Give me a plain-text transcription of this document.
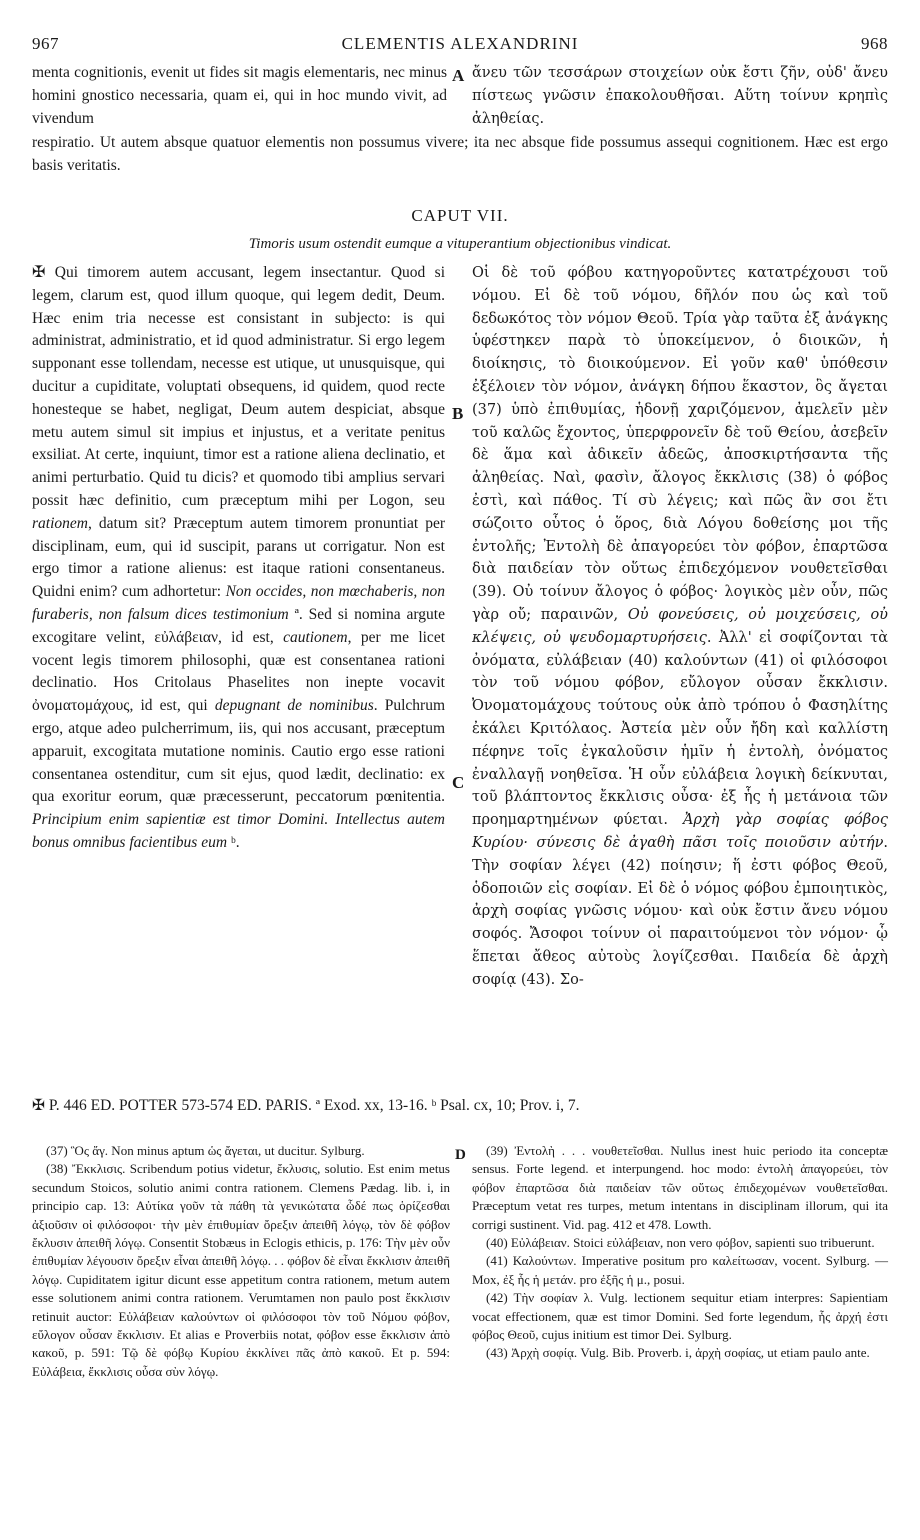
967	CLEMENTIS ALEXANDRINI	968

menta cognitionis, evenit ut fides sit magis elementaris, nec minus homini gnostico necessaria, quam ei, qui in hoc mundo vivit, ad vivendum

A ἄνευ τῶν τεσσάρων στοιχείων οὐκ ἔστι ζῆν, οὐδ' ἄνευ πίστεως γνῶσιν ἐπακολουθῆσαι. Αὕτη τοίνυν κρηπὶς ἀληθείας.

respiratio. Ut autem absque quatuor elementis non possumus vivere; ita nec absque fide possumus assequi cognitionem. Hæc est ergo basis veritatis.

CAPUT VII.
Timoris usum ostendit eumque a vituperantium objectionibus vindicat.

✠ Qui timorem autem accusant, legem insectantur. Quod si legem, clarum est, quod illum quoque, qui legem dedit, Deum. Hæc enim tria necesse est consistant in subjecto: is qui administrat, administratio, et id quod administratur. Si ergo legem supponant esse tollendam, necesse est utique, ut unusquisque, qui ducitur a cupiditate, voluptati obsequens, id quidem, quod recte honesteque se habet, negligat, Deum autem despiciat, absque metu autem simul sit impius et injustus, et a veritate penitus exsiliat. At certe, inquiunt, timor est a ratione aliena declinatio, et animi perturbatio. Quid tu dicis? et quomodo tibi amplius servari possit hæc definitio, cum præceptum mihi per Logon, seu rationem, datum sit? Præceptum autem timorem pronuntiat per disciplinam, eum, qui id suscipit, parans ut corrigatur. Non est ergo timor a ratione alienus: est itaque rationi consentaneus. Quidni enim? cum adhortetur: Non occides, non mœchaberis, non furaberis, non falsum dices testimonium ª. Sed si nomina argute excogitare velint, εὐλάβειαν, id est, cautionem, per me licet vocent legis timorem philosophi, quæ est consentanea rationi declinatio. Hos Critolaus Phaselites non inepte vocavit ὀνοματομάχους, id est, qui depugnant de nominibus. Pulchrum ergo, atque adeo pulcherrimum, iis, qui nos accusant, præceptum apparuit, excogitata mutatione nominis. Cautio ergo esse rationi consentanea ostenditur, cum sit ejus, quod lædit, declinatio: ex qua exoritur eorum, quæ præcesserunt, peccatorum pœnitentia. Principium enim sapientiæ est timor Domini. Intellectus autem bonus omnibus facientibus eum ᵇ.

B
C

Οἱ δὲ τοῦ φόβου κατηγοροῦντες κατατρέχουσι τοῦ νόμου. Εἰ δὲ τοῦ νόμου, δῆλόν που ὡς καὶ τοῦ δεδωκότος τὸν νόμον Θεοῦ. Τρία γὰρ ταῦτα ἐξ ἀνάγκης ὑφέστηκεν παρὰ τὸ ὑποκείμενον, ὁ διοικῶν, ἡ διοίκησις, τὸ διοικούμενον. Εἰ γοῦν καθ' ὑπόθεσιν ἐξέλοιεν τὸν νόμον, ἀνάγκη δήπου ἕκαστον, ὃς ἄγεται (37) ὑπὸ ἐπιθυμίας, ἡδονῇ χαριζόμενον, ἀμελεῖν μὲν τοῦ καλῶς ἔχοντος, ὑπερφρονεῖν δὲ τοῦ Θείου, ἀσεβεῖν δὲ ἅμα καὶ ἀδικεῖν ἀδεῶς, ἀποσκιρτήσαντα τῆς ἀληθείας. Ναὶ, φασὶν, ἄλογος ἔκκλισις (38) ὁ φόβος ἐστὶ, καὶ πάθος. Τί σὺ λέγεις; καὶ πῶς ἂν σοι ἔτι σώζοιτο οὗτος ὁ ὅρος, διὰ Λόγου δοθείσης μοι τῆς ἐντολῆς; Ἐντολὴ δὲ ἀπαγορεύει τὸν φόβον, ἐπαρτῶσα διὰ παιδείαν τὸν οὕτως ἐπιδεχόμενον νουθετεῖσθαι (39). Οὐ τοίνυν ἄλογος ὁ φόβος· λογικὸς μὲν οὖν, πῶς γὰρ οὔ; παραινῶν, Οὐ φονεύσεις, οὐ μοιχεύσεις, οὐ κλέψεις, οὐ ψευδομαρτυρήσεις. Ἀλλ' εἰ σοφίζονται τὰ ὀνόματα, εὐλάβειαν (40) καλούντων (41) οἱ φιλόσοφοι τὸν τοῦ νόμου φόβον, εὔλογον οὖσαν ἔκκλισιν. Ὀνοματομάχους τούτους οὐκ ἀπὸ τρόπου ὁ Φασηλίτης ἐκάλει Κριτόλαος. Ἀστεία μὲν οὖν ἤδη καὶ καλλίστη πέφηνε τοῖς ἐγκαλοῦσιν ἡμῖν ἡ ἐντολὴ, ὀνόματος ἐναλλαγῇ νοηθεῖσα. Ἡ οὖν εὐλάβεια λογικὴ δείκνυται, τοῦ βλάπτοντος ἔκκλισις οὖσα· ἐξ ἧς ἡ μετάνοια τῶν προημαρτημένων φύεται. Ἀρχὴ γὰρ σοφίας φόβος Κυρίου· σύνεσις δὲ ἀγαθὴ πᾶσι τοῖς ποιοῦσιν αὐτήν. Τὴν σοφίαν λέγει (42) ποίησιν; ἥ ἐστι φόβος Θεοῦ, ὁδοποιῶν εἰς σοφίαν. Εἰ δὲ ὁ νόμος φόβου ἐμποιητικὸς, ἀρχὴ σοφίας γνῶσις νόμου· καὶ οὐκ ἔστιν ἄνευ νόμου σοφός. Ἄσοφοι τοίνυν οἱ παραιτούμενοι τὸν νόμον· ᾧ ἕπεται ἄθεος αὐτοὺς λογίζεσθαι. Παιδεία δὲ ἀρχὴ σοφίᾳ (43). Σο-

✠ P. 446 ED. POTTER 573-574 ED. PARIS. ª Exod. xx, 13-16. ᵇ Psal. cx, 10; Prov. i, 7.

(37) Ὃς ἄγ. Non minus aptum ὡς ἄγεται, ut ducitur. Sylburg.

(38) Ἔκκλισις. Scribendum potius videtur, ἔκλυσις, solutio. Est enim metus secundum Stoicos, solutio animi contra rationem. Clemens Pædag. lib. i, in principio cap. 13: Αὐτίκα γοῦν τὰ πάθη τὰ γενικώτατα ὧδέ πως ὁρίζεσθαι ἀξιοῦσιν οἱ φιλόσοφοι· τὴν μὲν ἐπιθυμίαν ὄρεξιν ἀπειθῆ λόγῳ, τὸν δὲ φόβον ἔκλυσιν ἀπειθῆ λόγῳ. Consentit Stobæus in Eclogis ethicis, p. 176: Τὴν μὲν οὖν ἐπιθυμίαν λέγουσιν ὄρεξιν εἶναι ἀπειθῆ λόγῳ. . . φόβον δὲ εἶναι ἔκκλισιν ἀπειθῆ λόγῳ. Cupiditatem igitur dicunt esse appetitum contra rationem, metum autem esse solutionem animi contra rationem. Verumtamen non paulo post ἔκκλισιν retinuit auctor: Εὐλάβειαν καλούντων οἱ φιλόσοφοι τὸν τοῦ Νόμου φόβον, εὔλογον οὖσαν ἔκκλισιν. Et alias e Proverbiis notat, φόβον esse ἔκκλισιν ἀπὸ κακοῦ, p. 591: Τῷ δὲ φόβῳ Κυρίου ἐκκλίνει πᾶς ἀπὸ κακοῦ. Et p. 594: Εὐλάβεια, ἔκκλισις οὖσα σὺν λόγῳ.

D	(39) Ἐντολὴ . . . νουθετεῖσθαι. Nullus inest huic periodo ita conceptæ sensus. Forte legend. et interpungend. hoc modo: ἐντολὴ ἀπαγορεύει, τὸν φόβον ἐπαρτῶσα διὰ παιδείαν τῶν οὕτως ἐπιδεχομένων νουθετεῖσθαι. Præceptum vetat res turpes, metum intentans in disciplinam illorum, qui ita corrigi sustinent. Vid. pag. 412 et 478. Lowth.

(40) Εὐλάβειαν. Stoici εὐλάβειαν, non vero φόβον, sapienti suo tribuerunt.

(41) Καλούντων. Imperative positum pro καλείτωσαν, vocent. Sylburg. — Mox, ἐξ ἧς ἡ μετάν. pro ἐξῆς ἡ μ., posui.

(42) Τὴν σοφίαν λ. Vulg. lectionem sequitur etiam interpres: Sapientiam vocat effectionem, quæ est timor Domini. Sed forte legendum, ἧς ἀρχή ἐστι φόβος Θεοῦ, cujus initium est timor Dei. Sylburg.

(43) Ἀρχὴ σοφίᾳ. Vulg. Bib. Proverb. i, ἀρχὴ σοφίας, ut etiam paulo ante.
